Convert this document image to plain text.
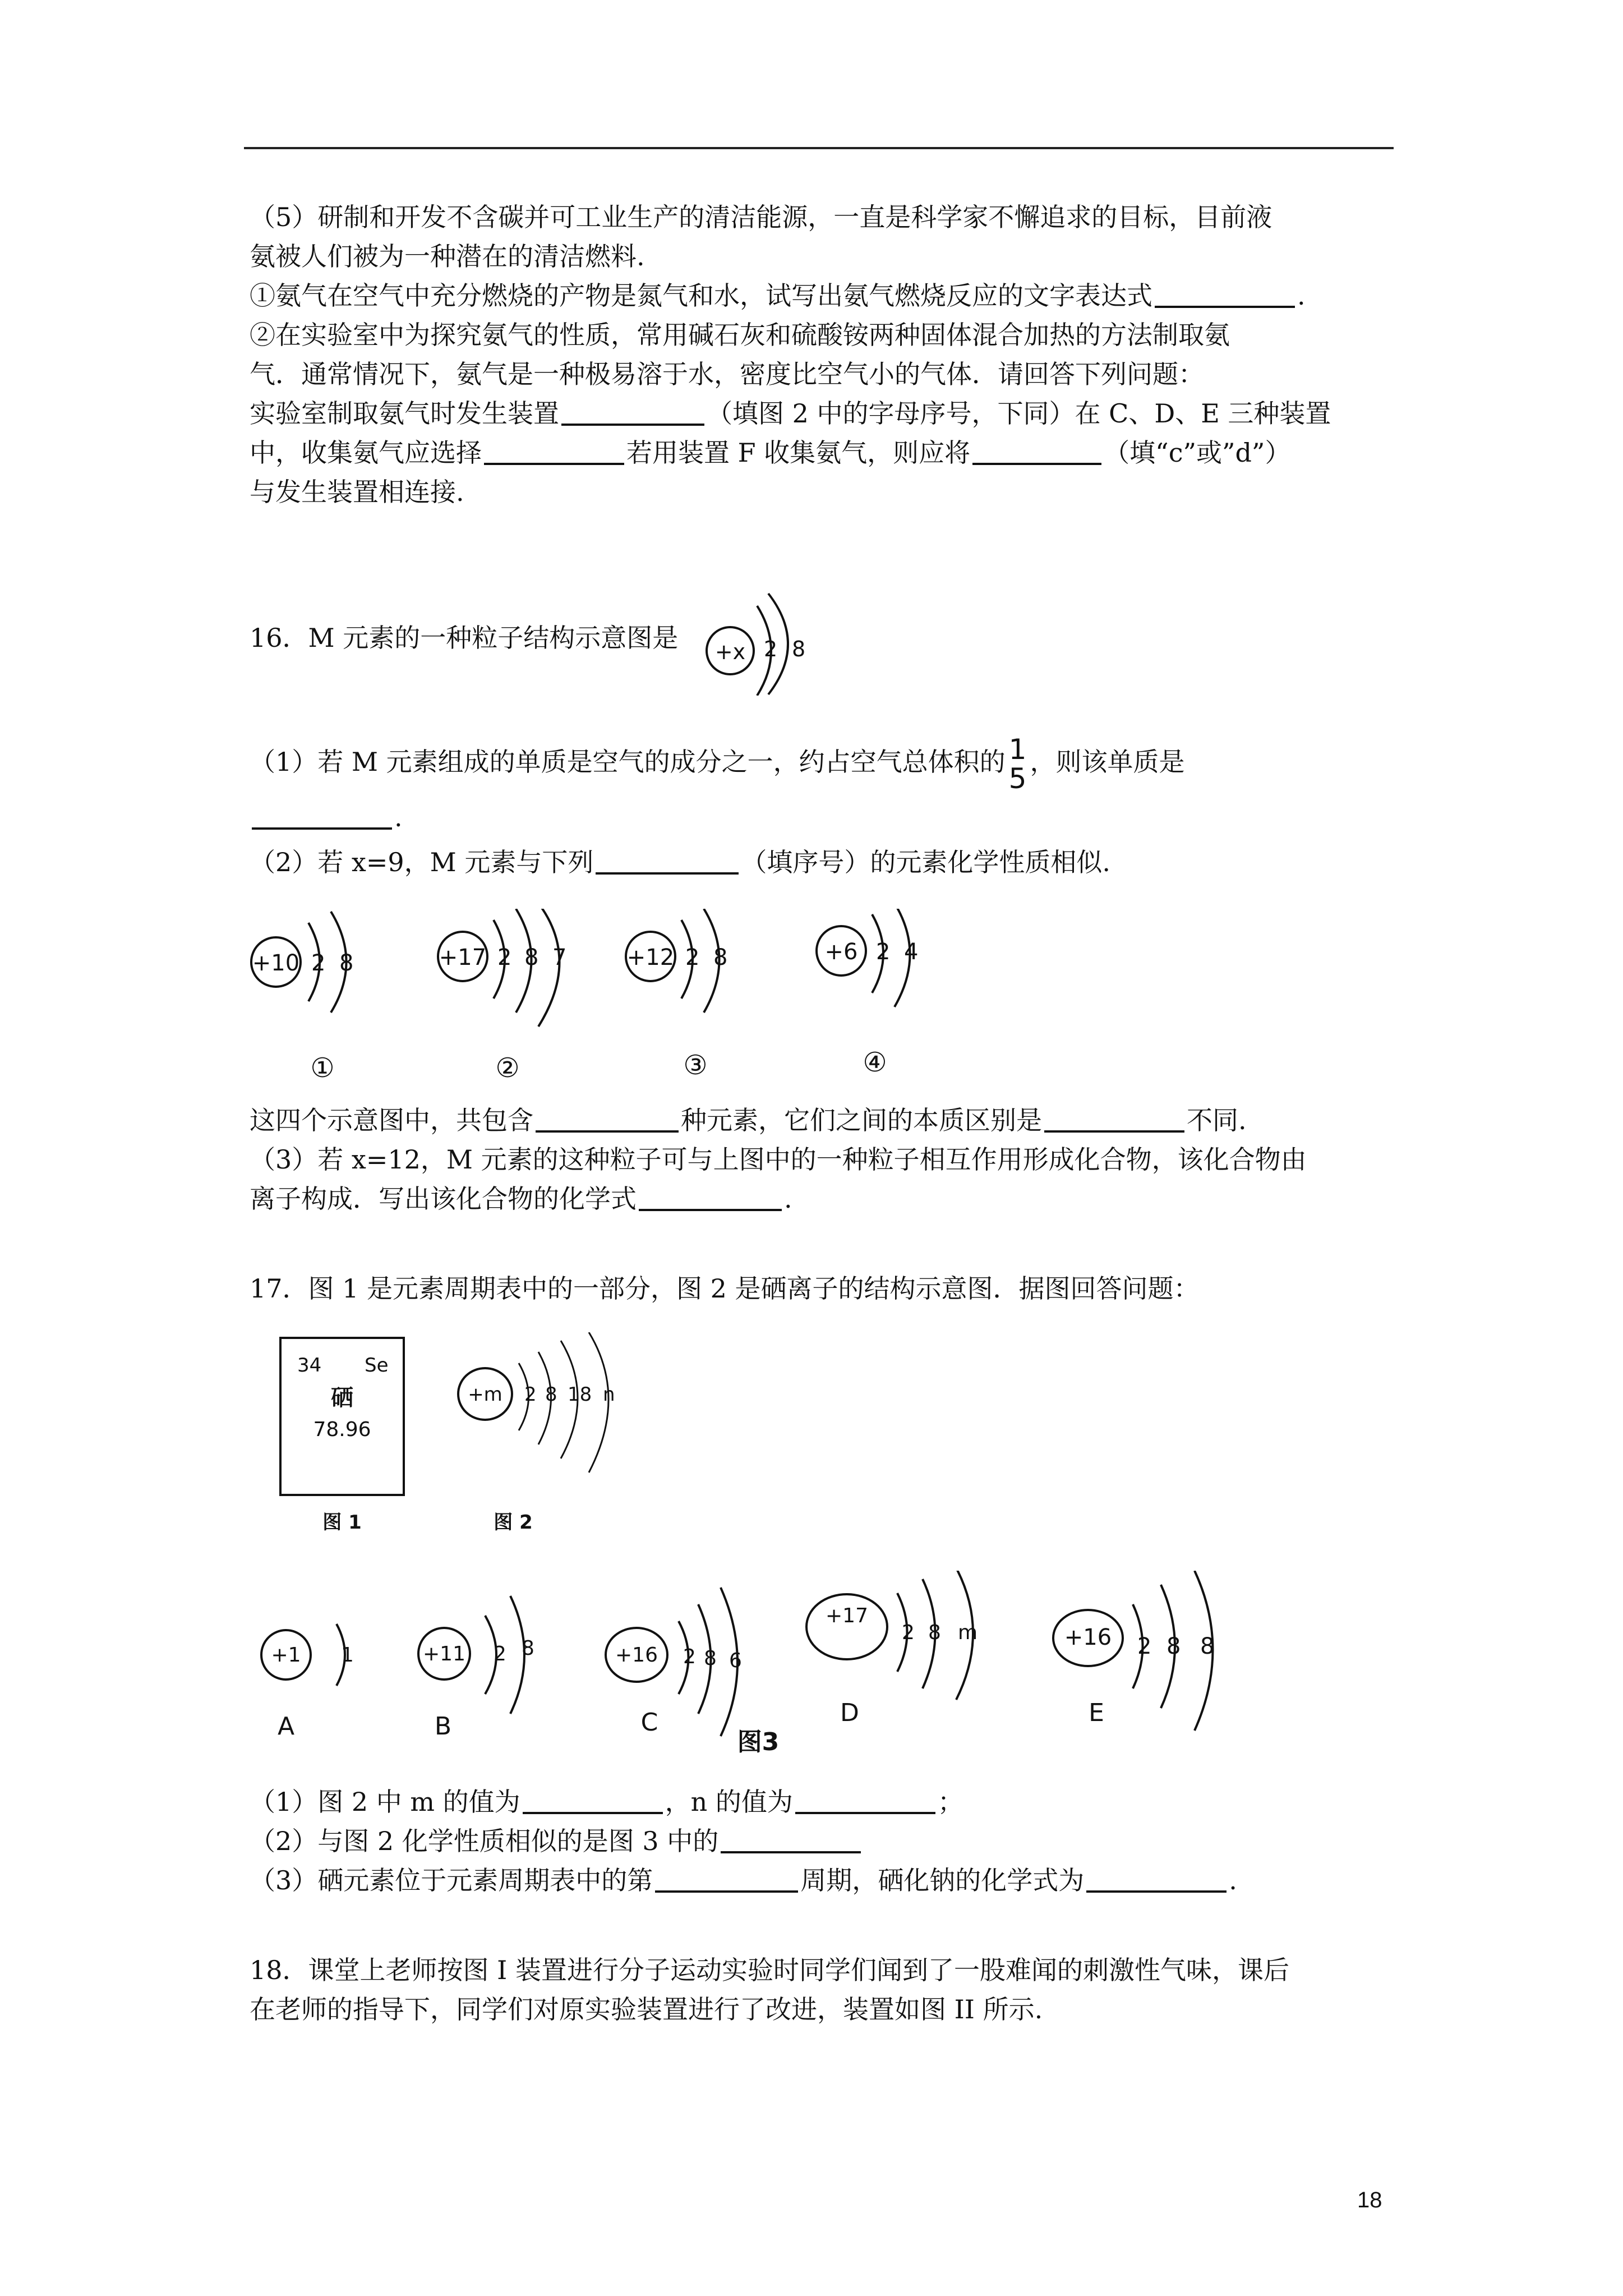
（5）研制和开发不含碳并可工业生产的清洁能源，一直是科学家不懈追求的目标，目前液
氨被人们被为一种潜在的清洁燃料.
①氨气在空气中充分燃烧的产物是氮气和水，试写出氨气燃烧反应的文字表达式	.
②在实验室中为探究氨气的性质，常用碱石灰和硫酸铵两种固体混合加热的方法制取氨
气．通常情况下，氨气是一种极易溶于水，密度比空气小的气体．请回答下列问题：
实验室制取氨气时发生装置	（填图 2 中的字母序号，下同）在 C、D、E 三种装置
中，收集氨气应选择	若用装置 F 收集氨气，则应将	（填“c”或”d”）
与发生装置相连接.
16．M 元素的一种粒子结构示意图是 +x 2 8
（1）若 M 元素组成的单质是空气的成分之一，约占空气总体积的 1
5
，则该单质是
.
（2）若 x=9，M 元素与下列	（填序号）的元素化学性质相似.
+10 2 8
①
+17 2 8 7
②
+12 2 8
③
+6 2 4
④
这四个示意图中，共包含	种元素，它们之间的本质区别是	不同.
（3）若 x=12，M 元素的这种粒子可与上图中的一种粒子相互作用形成化合物，该化合物由
离子构成．写出该化合物的化学式	.
17．图 1 是元素周期表中的一部分，图 2 是硒离子的结构示意图．据图回答问题：
34 Se
硒
78.96
图 1
+m 2 8 18 n
图 2
+1 1
A
+11 2 8
B
+16 2 8 6
C
+17
2 8 m
D
+16 2 8 8
E
图3
（1）图 2 中 m 的值为	，n 的值为	；
（2）与图 2 化学性质相似的是图 3 中的
（3）硒元素位于元素周期表中的第	周期，硒化钠的化学式为	.
18．课堂上老师按图 I 装置进行分子运动实验时同学们闻到了一股难闻的刺激性气味，课后
在老师的指导下，同学们对原实验装置进行了改进，装置如图 II 所示.
18
